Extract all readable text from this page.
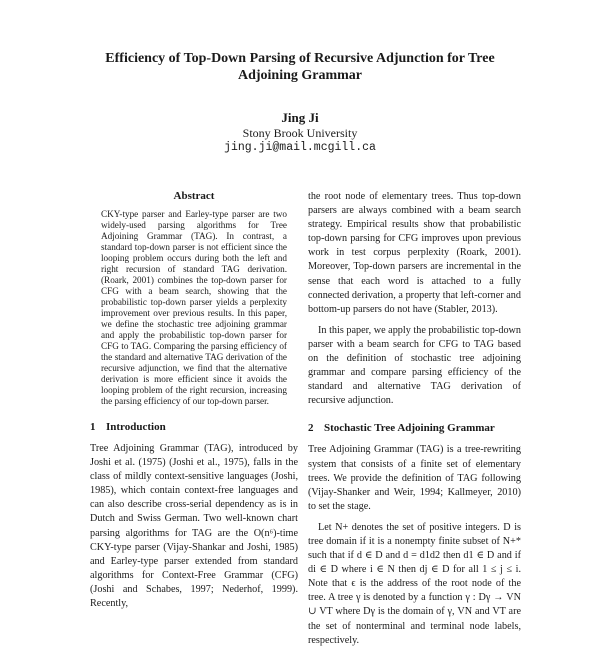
Efficiency of Top-Down Parsing of Recursive Adjunction for Tree Adjoining Grammar
Jing Ji
Stony Brook University
jing.ji@mail.mcgill.ca
Abstract

CKY-type parser and Earley-type parser are two widely-used parsing algorithms for Tree Adjoining Grammar (TAG). In contrast, a standard top-down parser is not efficient since the looping problem occurs during both the left and right recursion of standard TAG derivation. (Roark, 2001) combines the top-down parser for CFG with a beam search, showing that the probabilistic top-down parser yields a perplexity improvement over previous results. In this paper, we define the stochastic tree adjoining grammar and apply the probabilistic top-down parser for CFG to TAG. Comparing the parsing efficiency of the standard and alternative TAG derivation of the recursive adjunction, we find that the alternative derivation is more efficient since it avoids the looping problem of the right recursion, increasing the parsing efficiency of our top-down parser.

1 Introduction

Tree Adjoining Grammar (TAG), introduced by Joshi et al. (1975) (Joshi et al., 1975), falls in the class of mildly context-sensitive languages (Joshi, 1985), which contain context-free languages and can also describe cross-serial dependency as is in Dutch and Swiss German. Two well-known chart parsing algorithms for TAG are the O(n⁶)-time CKY-type parser (Vijay-Shankar and Joshi, 1985) and Earley-type parser extended from standard algorithms for Context-Free Grammar (CFG) (Joshi and Schabes, 1997; Nederhof, 1999). Recently,

the root node of elementary trees. Thus top-down parsers are always combined with a beam search strategy. Empirical results show that probabilistic top-down parsing for CFG improves upon previous work in test corpus perplexity (Roark, 2001). Moreover, Top-down parsers are incremental in the sense that each word is attached to a fully connected derivation, a property that left-corner and bottom-up parsers do not have (Stabler, 2013).

In this paper, we apply the probabilistic top-down parser with a beam search for CFG to TAG based on the definition of stochastic tree adjoining grammar and compare parsing efficiency of the standard and alternative TAG derivation of recursive adjunction.

2 Stochastic Tree Adjoining Grammar

Tree Adjoining Grammar (TAG) is a tree-rewriting system that consists of a finite set of elementary trees. We provide the definition of TAG following (Vijay-Shanker and Weir, 1994; Kallmeyer, 2010) to set the stage.

Let N+ denotes the set of positive integers. D is tree domain if it is a nonempty finite subset of N+* such that if d ∈ D and d = d1d2 then d1 ∈ D and if di ∈ D where i ∈ N then dj ∈ D for all 1 ≤ j ≤ i. Note that ϵ is the address of the root node of the tree. A tree γ is denoted by a function γ : Dγ → VN ∪ VT where Dγ is the domain of γ, VN and VT are the set of nonterminal and terminal node labels, respectively.
